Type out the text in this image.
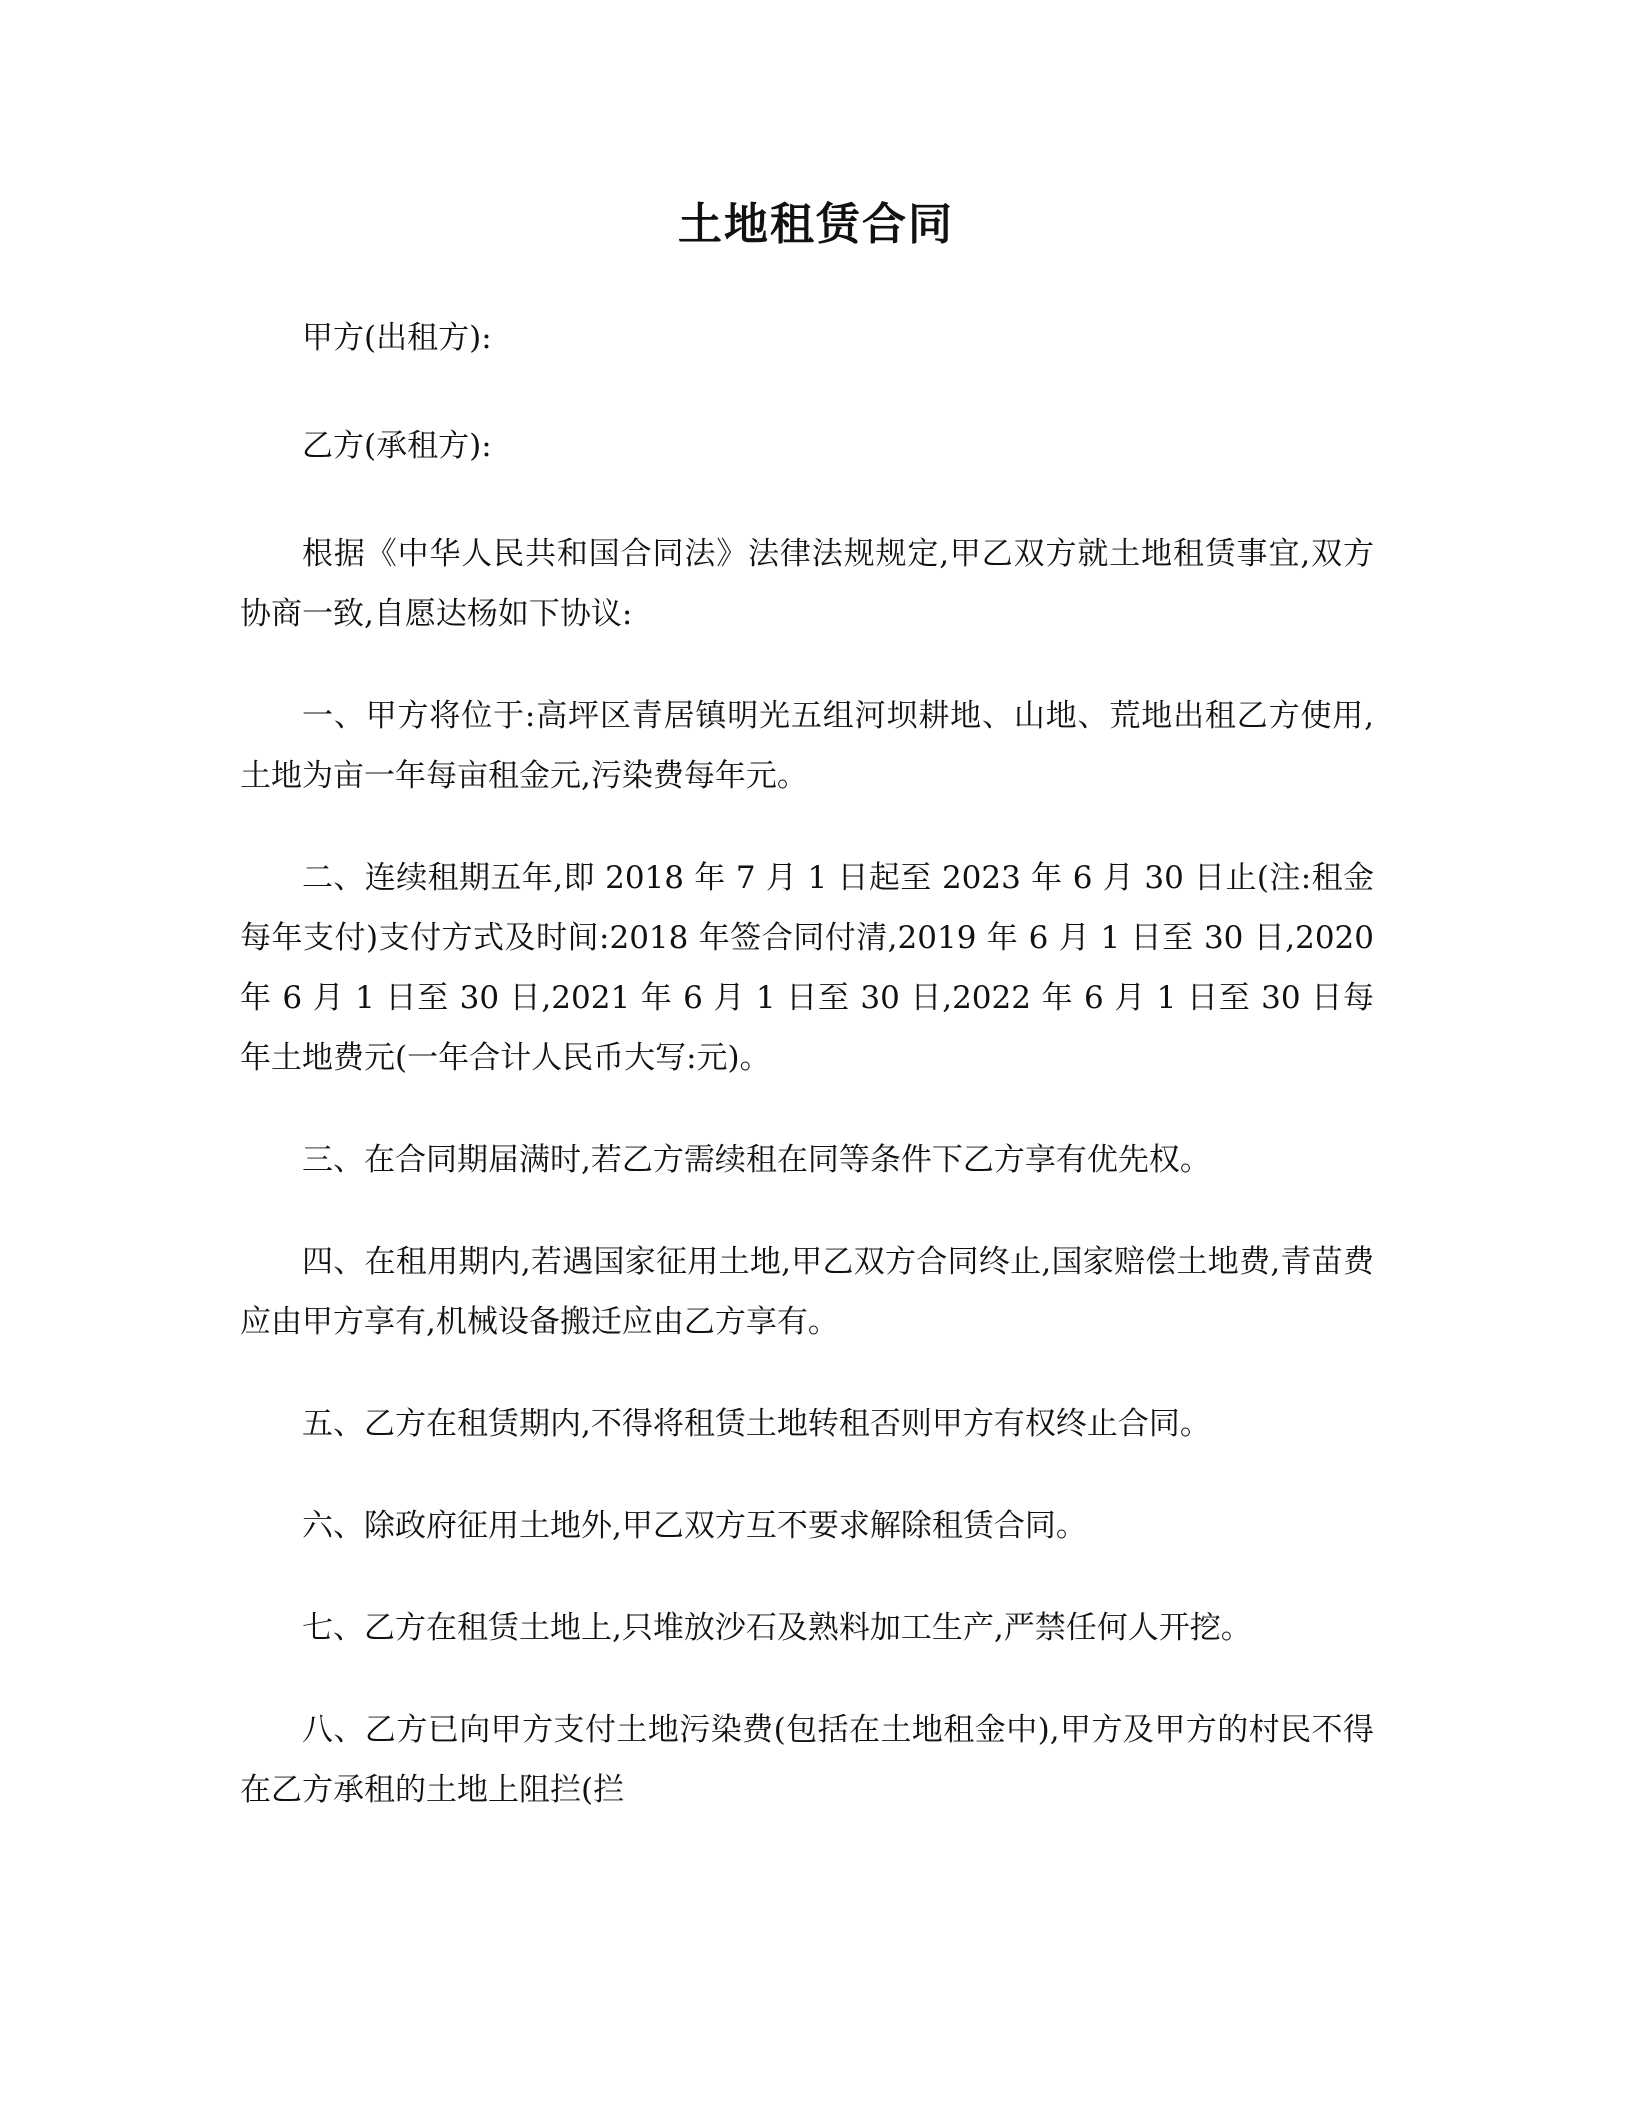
土地租赁合同

甲方(出租方):

乙方(承租方):

根据《中华人民共和国合同法》法律法规规定,甲乙双方就土地租赁事宜,双方协商一致,自愿达杨如下协议:

一、甲方将位于:高坪区青居镇明光五组河坝耕地、山地、荒地出租乙方使用,土地为亩一年每亩租金元,污染费每年元。

二、连续租期五年,即 2018 年 7 月 1 日起至 2023 年 6 月 30 日止(注:租金每年支付)支付方式及时间:2018 年签合同付清,2019 年 6 月 1 日至 30 日,2020 年 6 月 1 日至 30 日,2021 年 6 月 1 日至 30 日,2022 年 6 月 1 日至 30 日每年土地费元(一年合计人民币大写:元)。

三、在合同期届满时,若乙方需续租在同等条件下乙方享有优先权。

四、在租用期内,若遇国家征用土地,甲乙双方合同终止,国家赔偿土地费,青苗费应由甲方享有,机械设备搬迁应由乙方享有。

五、乙方在租赁期内,不得将租赁土地转租否则甲方有权终止合同。

六、除政府征用土地外,甲乙双方互不要求解除租赁合同。

七、乙方在租赁土地上,只堆放沙石及熟料加工生产,严禁任何人开挖。

八、乙方已向甲方支付土地污染费(包括在土地租金中),甲方及甲方的村民不得在乙方承租的土地上阻拦(拦
